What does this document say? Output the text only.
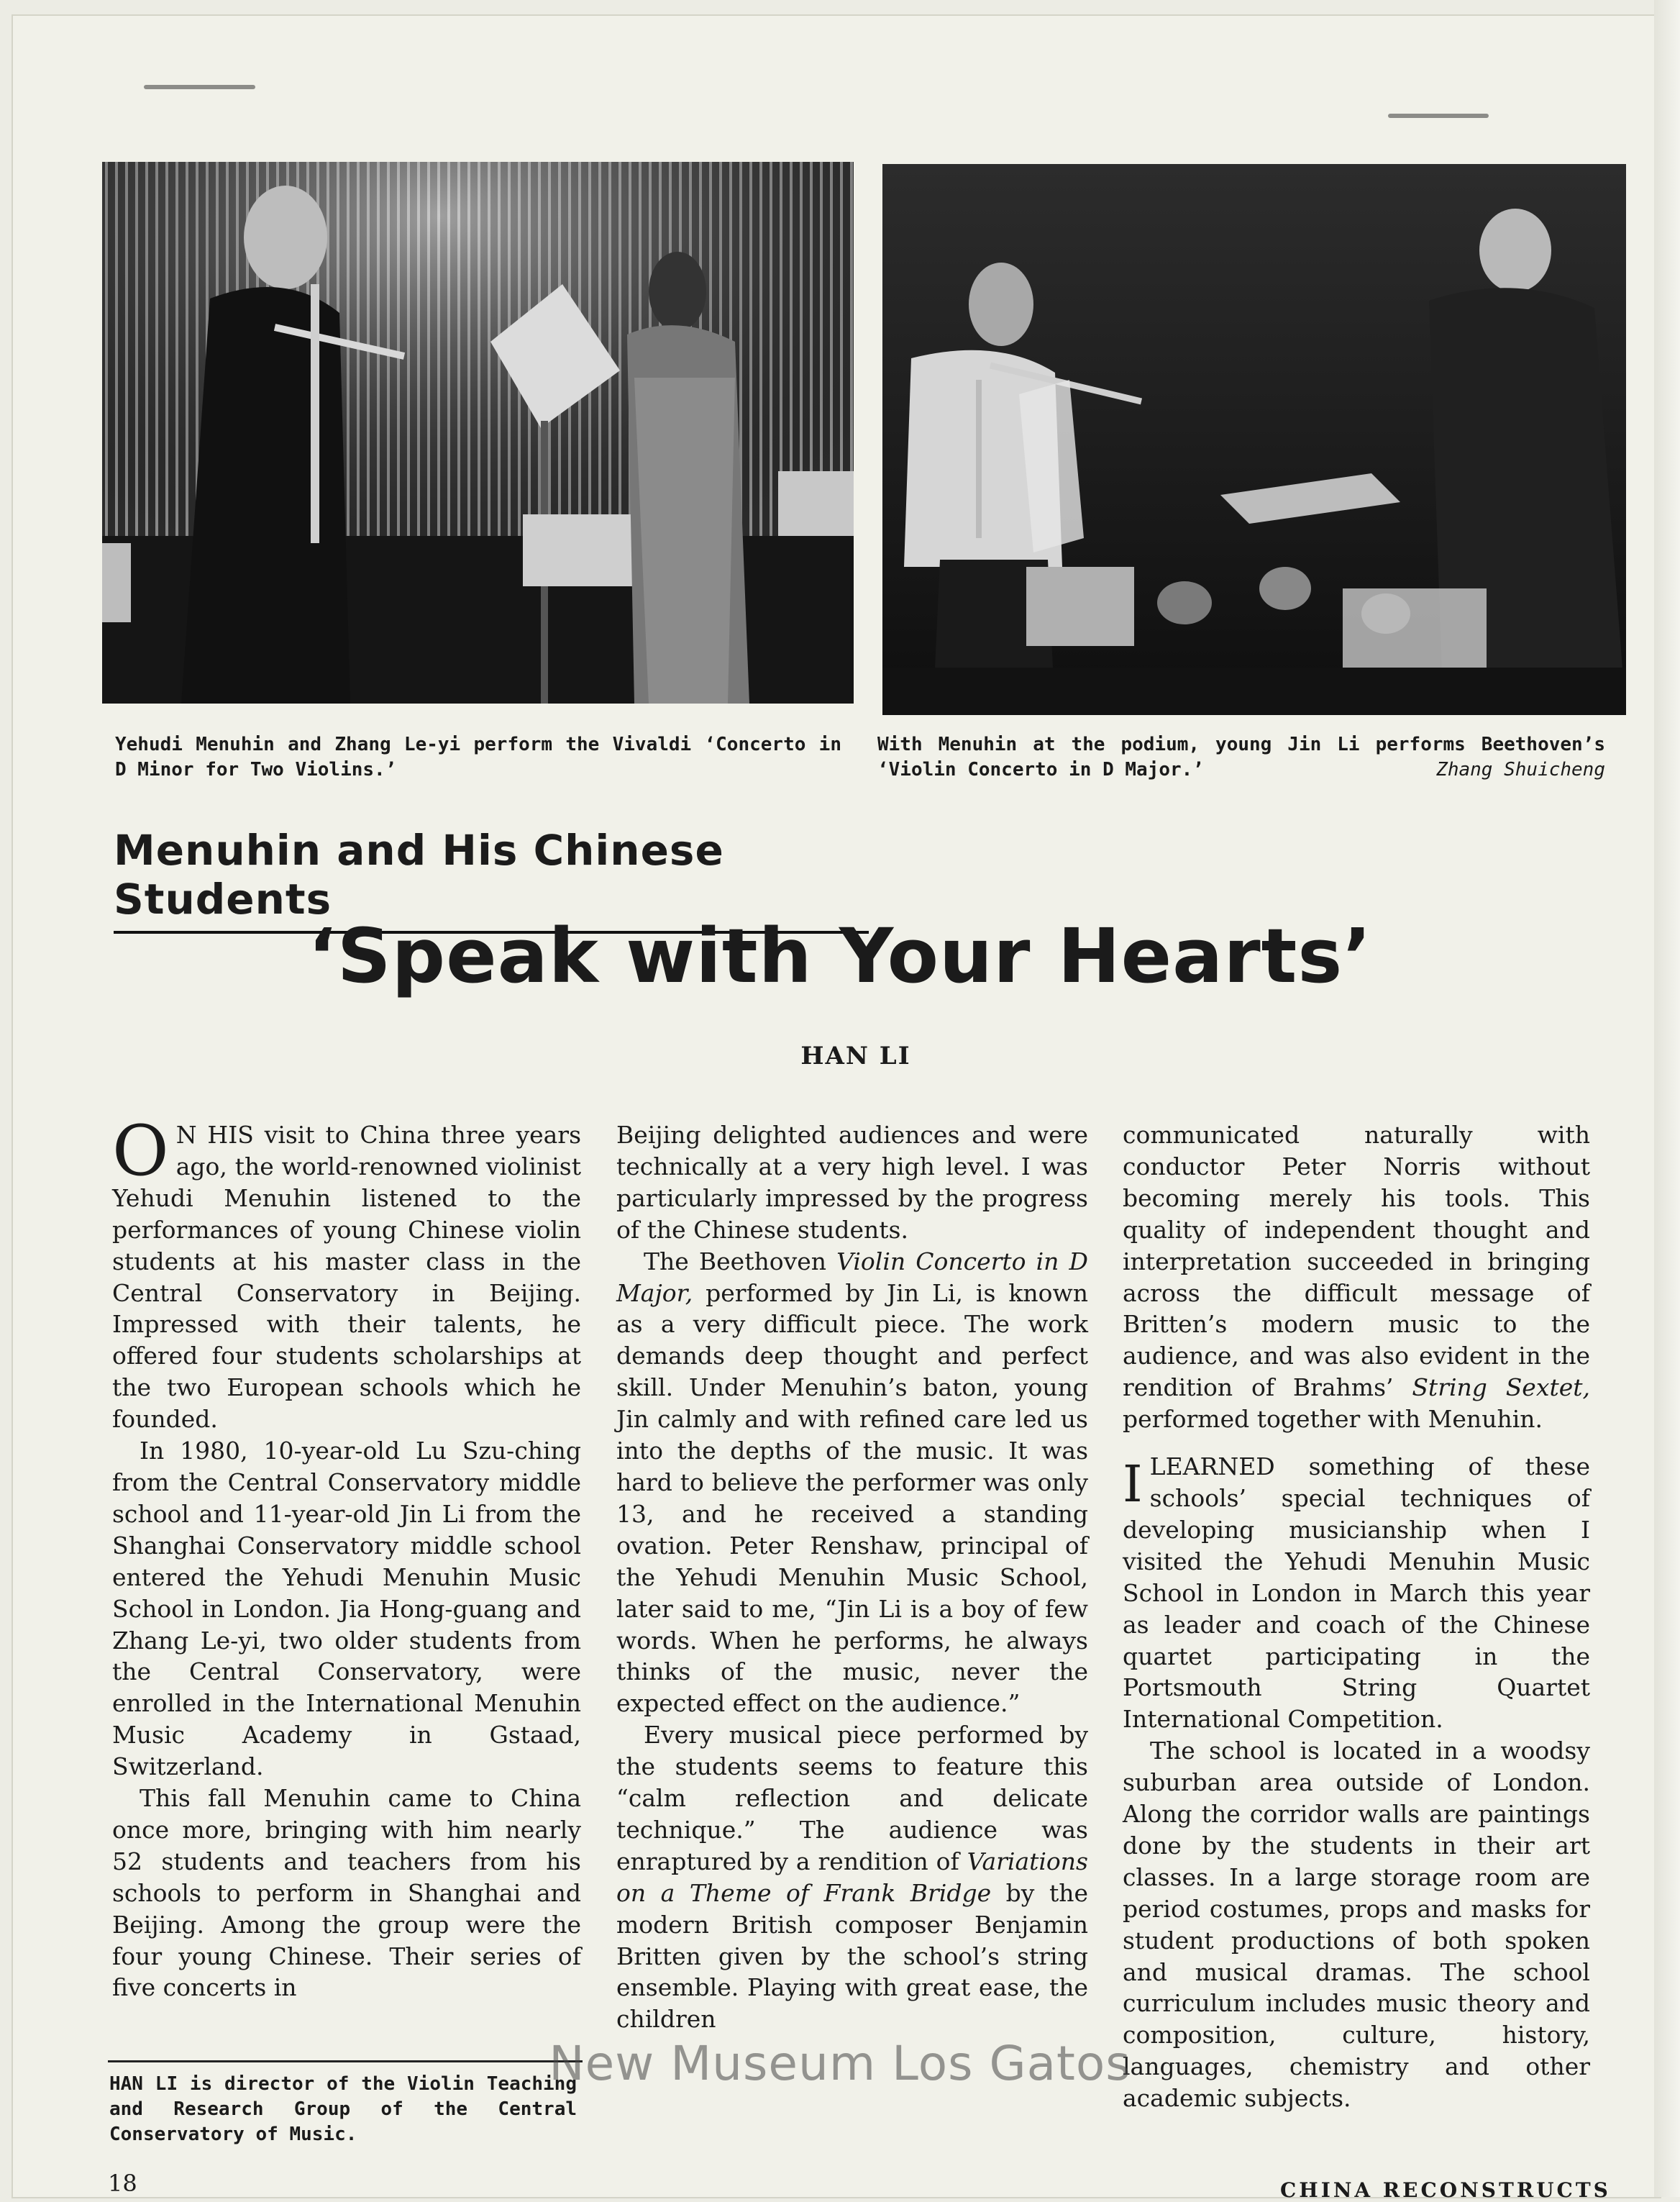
Yehudi Menuhin and Zhang Le-yi perform the Vivaldi ‘Concerto in D Minor for Two Violins.’
With Menuhin at the podium, young Jin Li performs Beethoven’s ‘Violin Concerto in D Major.’	Zhang Shuicheng
Menuhin and His Chinese Students
‘Speak with Your Hearts’
HAN LI

O N HIS visit to China three years ago, the world-renowned violinist Yehudi Menuhin listened to the performances of young Chinese violin students at his master class in the Central Conservatory in Beijing. Impressed with their talents, he offered four students scholarships at the two European schools which he founded.

In 1980, 10-year-old Lu Szu-ching from the Central Conservatory middle school and 11-year-old Jin Li from the Shanghai Conservatory middle school entered the Yehudi Menuhin Music School in London. Jia Hong-guang and Zhang Le-yi, two older students from the Central Conservatory, were enrolled in the International Menuhin Music Academy in Gstaad, Switzerland.

This fall Menuhin came to China once more, bringing with him nearly 52 students and teachers from his schools to perform in Shanghai and Beijing. Among the group were the four young Chinese. Their series of five concerts in

Beijing delighted audiences and were technically at a very high level. I was particularly impressed by the progress of the Chinese students.

The Beethoven Violin Concerto in D Major, performed by Jin Li, is known as a very difficult piece. The work demands deep thought and perfect skill. Under Menuhin’s baton, young Jin calmly and with refined care led us into the depths of the music. It was hard to believe the performer was only 13, and he received a standing ovation. Peter Renshaw, principal of the Yehudi Menuhin Music School, later said to me, “Jin Li is a boy of few words. When he performs, he always thinks of the music, never the expected effect on the audience.”

Every musical piece performed by the students seems to feature this “calm reflection and delicate technique.” The audience was enraptured by a rendition of Variations on a Theme of Frank Bridge by the modern British composer Benjamin Britten given by the school’s string ensemble. Playing with great ease, the children

communicated naturally with conductor Peter Norris without becoming merely his tools. This quality of independent thought and interpretation succeeded in bringing across the difficult message of Britten’s modern music to the audience, and was also evident in the rendition of Brahms’ String Sextet, performed together with Menuhin.

ILEARNED something of these schools’ special techniques of developing musicianship when I visited the Yehudi Menuhin Music School in London in March this year as leader and coach of the Chinese quartet participating in the Portsmouth String Quartet International Competition.

The school is located in a woodsy suburban area outside of London. Along the corridor walls are paintings done by the students in their art classes. In a large storage room are period costumes, props and masks for student productions of both spoken and musical dramas. The school curriculum includes music theory and composition, culture, history, languages, chemistry and other academic subjects.

HAN LI is director of the Violin Teaching and Research Group of the Central Conservatory of Music.
18	CHINA RECONSTRUCTS
New Museum Los Gatos
